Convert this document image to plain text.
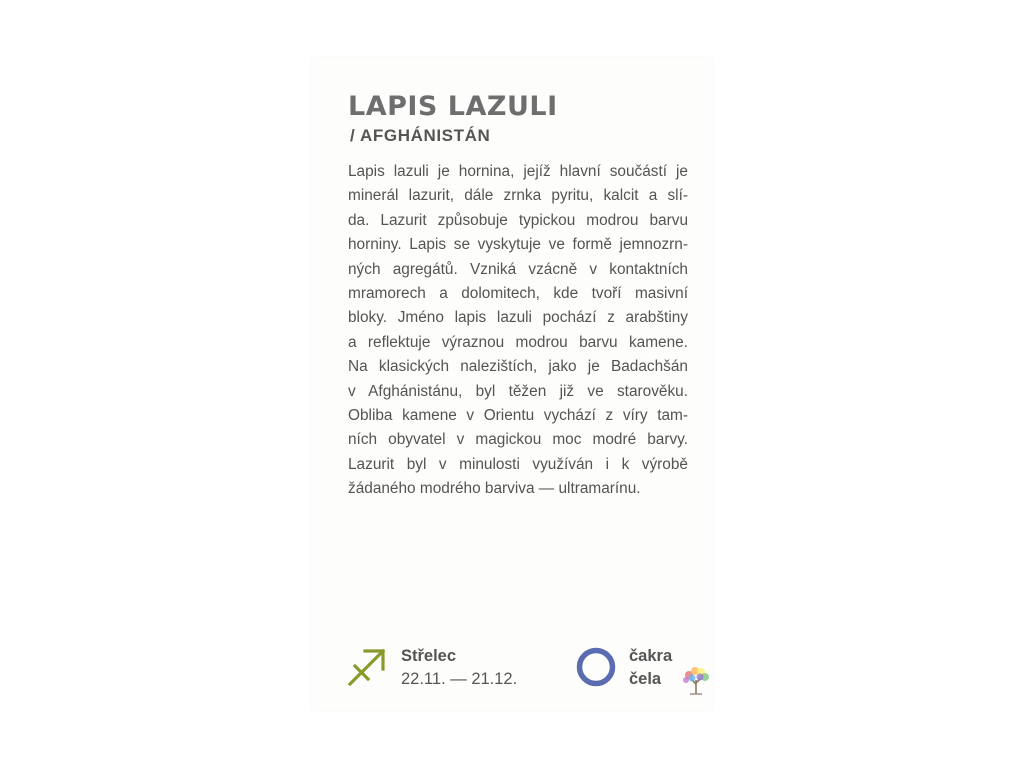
LAPIS LAZULI
/ AFGHÁNISTÁN
Lapis lazuli je hornina, jejíž hlavní součástí je
minerál lazurit, dále zrnka pyritu, kalcit a slí-
da. Lazurit způsobuje typickou modrou barvu
horniny. Lapis se vyskytuje ve formě jemnozrn-
ných agregátů. Vzniká vzácně v kontaktních
mramorech a dolomitech, kde tvoří masivní
bloky. Jméno lapis lazuli pochází z arabštiny
a reflektuje výraznou modrou barvu kamene.
Na klasických nalezištích, jako je Badachšán
v Afghánistánu, byl těžen již ve starověku.
Obliba kamene v Orientu vychází z víry tam-
ních obyvatel v magickou moc modré barvy.
Lazurit byl v minulosti využíván i k výrobě
žádaného modrého barviva — ultramarínu.
Střelec
22.11. — 21.12.
čakra
čela
